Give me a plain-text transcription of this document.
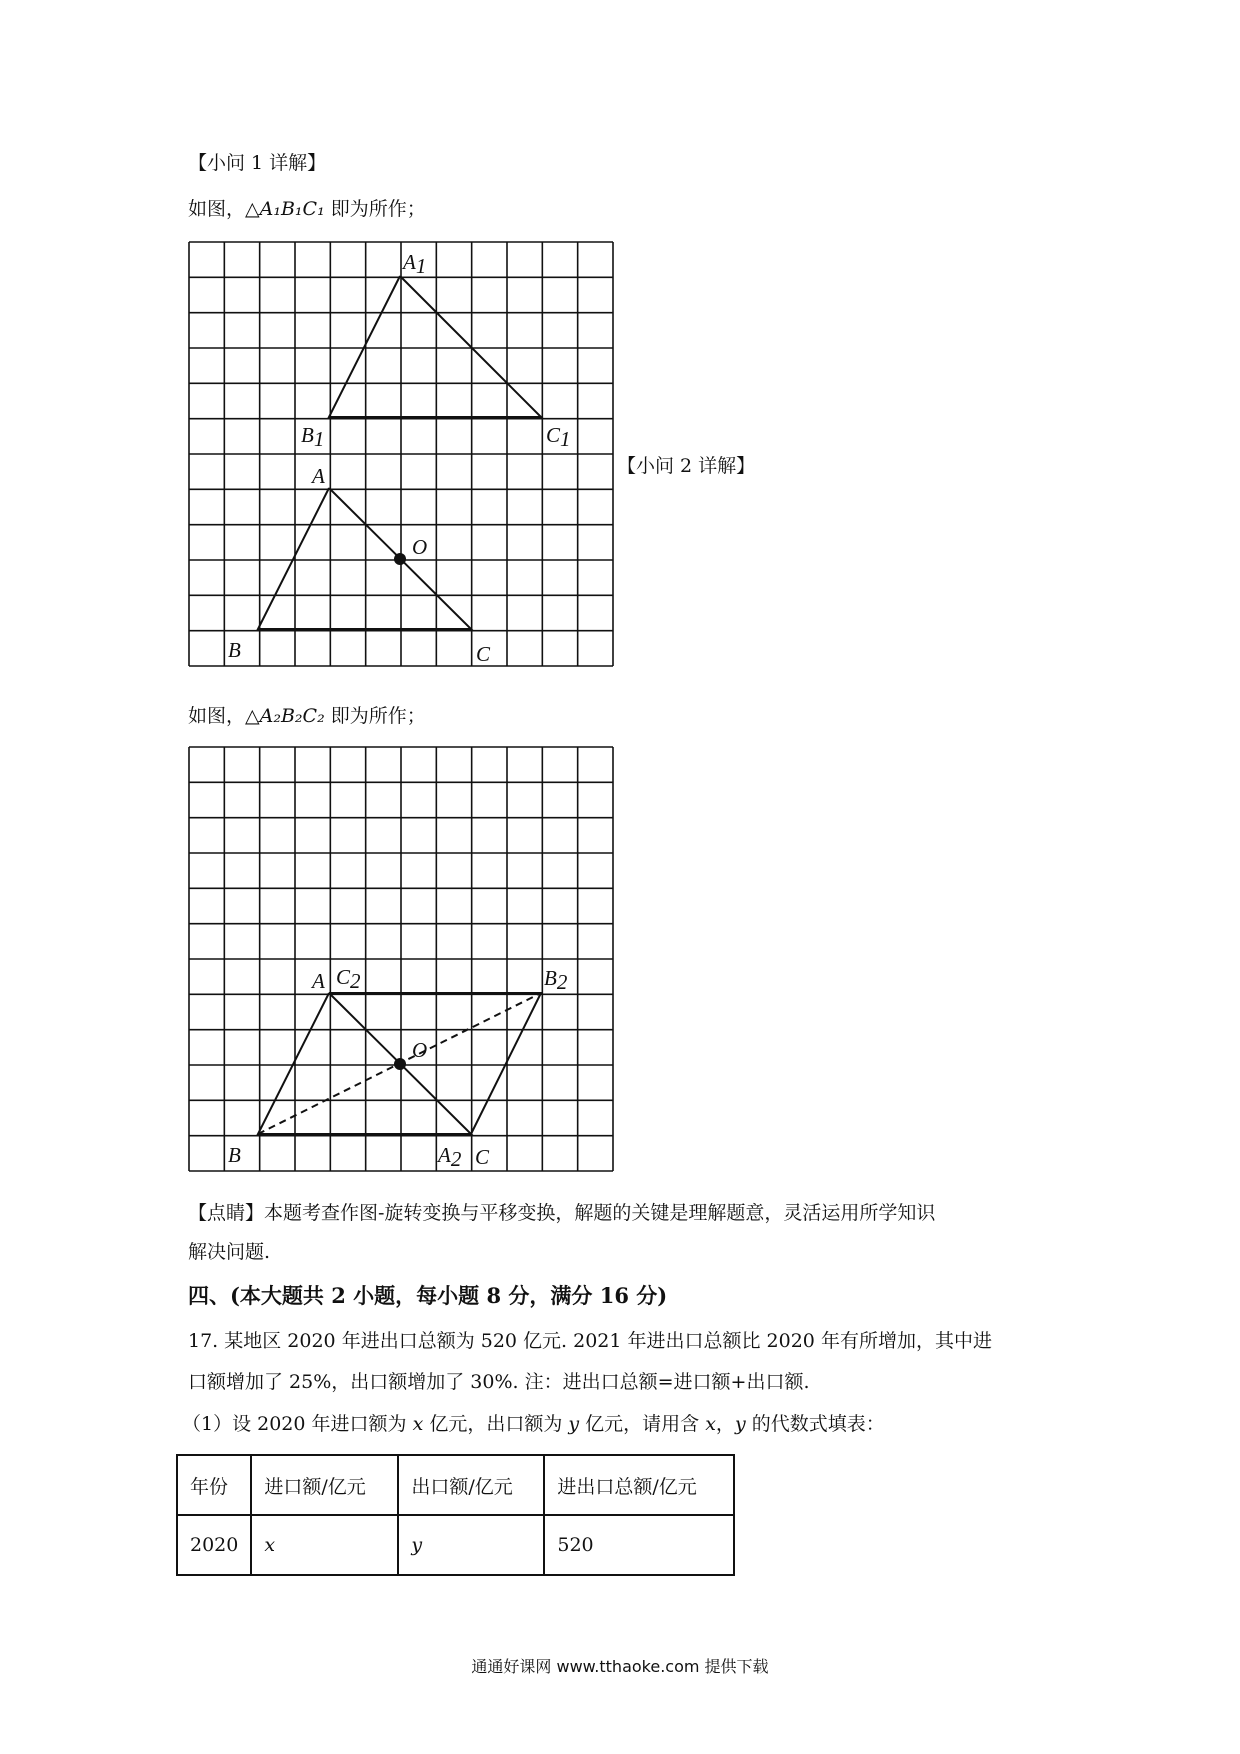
【小问 1 详解】
如图，△A₁B₁C₁ 即为所作；
A1
B1	C1
A
O
B	C
【小问 2 详解】
如图，△A₂B₂C₂ 即为所作；
A C2	B2
O
B	A2 C
【点睛】本题考查作图-旋转变换与平移变换，解题的关键是理解题意，灵活运用所学知识
解决问题.
四、(本大题共 2 小题，每小题 8 分，满分 16 分)
17. 某地区 2020 年进出口总额为 520 亿元. 2021 年进出口总额比 2020 年有所增加，其中进
口额增加了 25%，出口额增加了 30%. 注：进出口总额=进口额+出口额.
（1）设 2020 年进口额为 x 亿元，出口额为 y 亿元，请用含 x，y 的代数式填表：
年份	进口额/亿元	出口额/亿元	进出口总额/亿元
2020	x	y	520
通通好课网 www.tthaoke.com 提供下载
